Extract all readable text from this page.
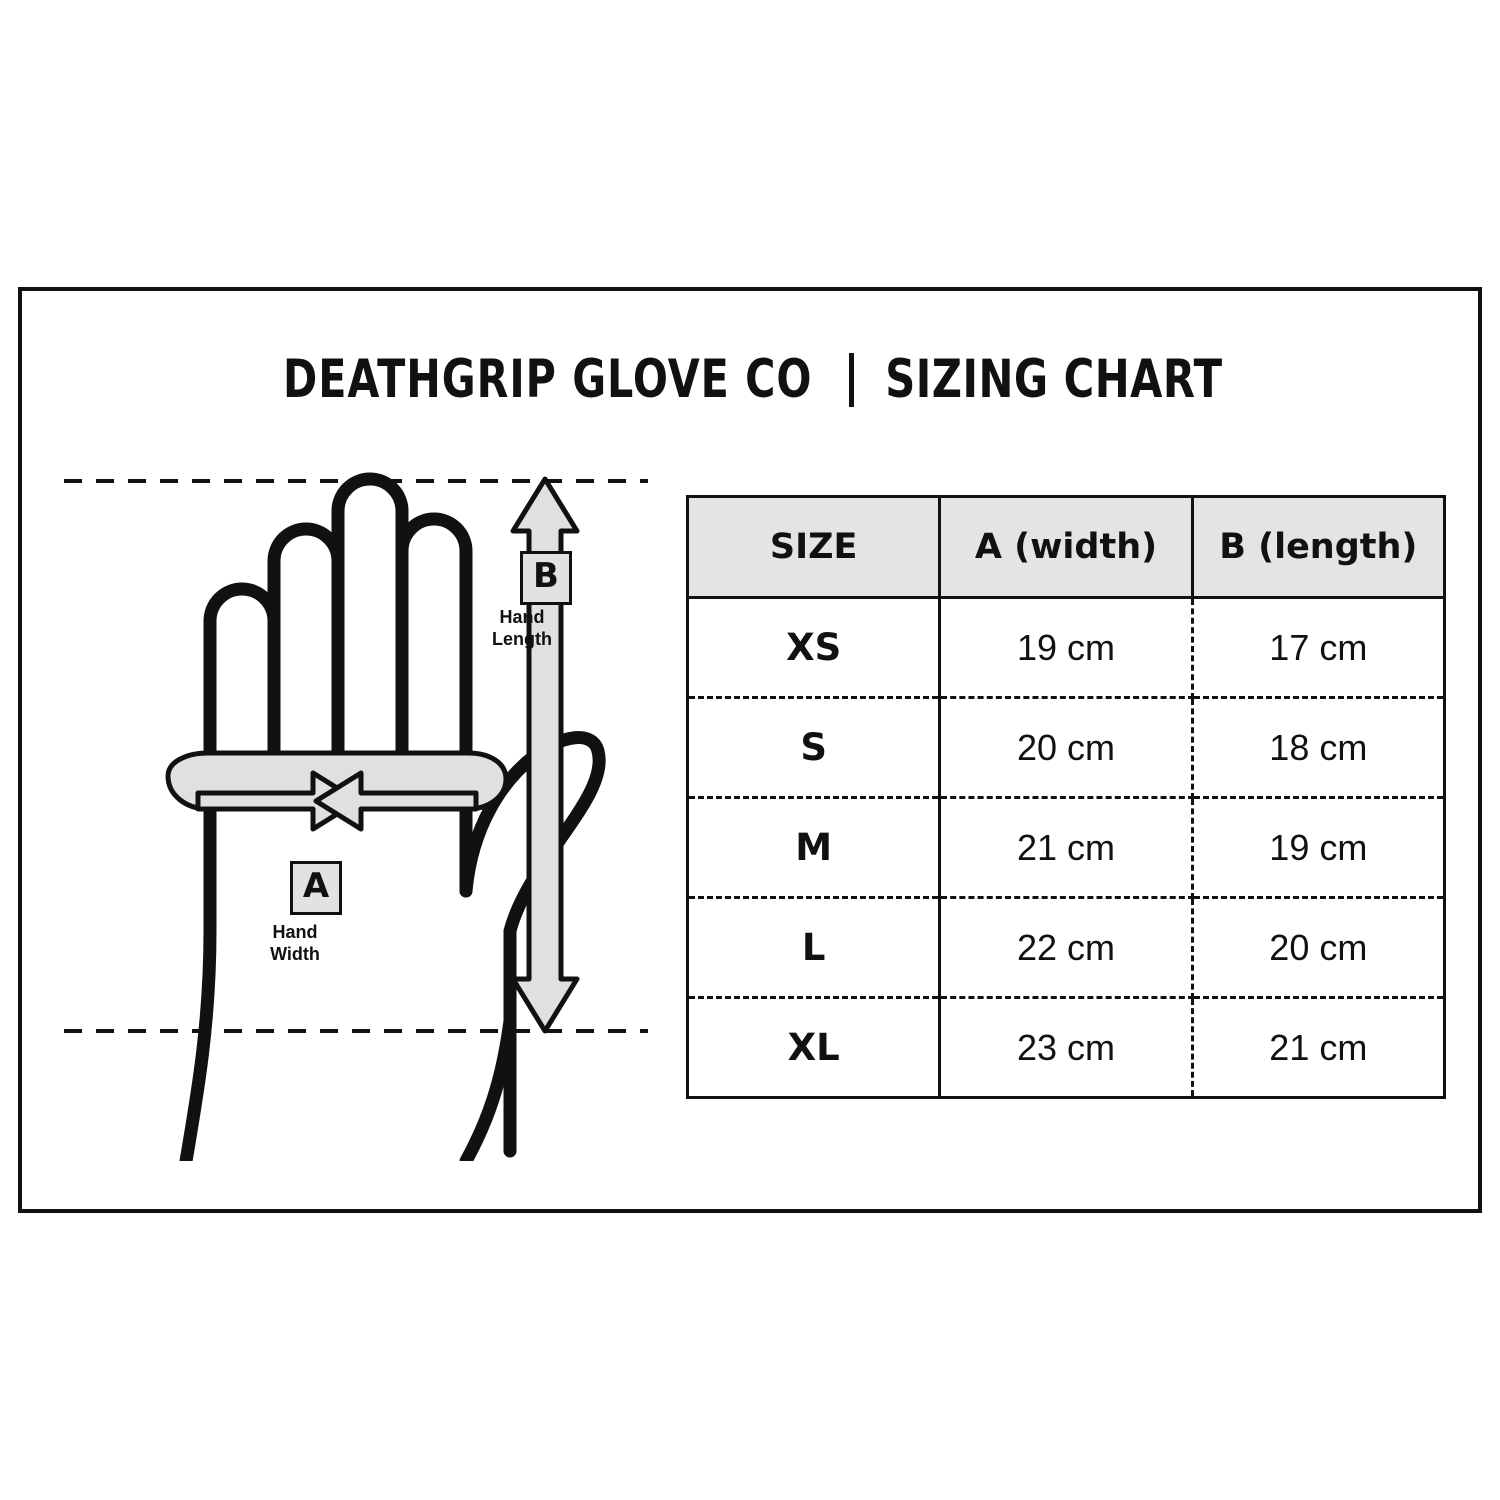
DEATHGRIP GLOVE CO SIZING CHART
B
Hand
Length
A
Hand
Width
SIZE	A (width)	B (length)
XS	19 cm	17 cm
S	20 cm	18 cm
M	21 cm	19 cm
L	22 cm	20 cm
XL	23 cm	21 cm
